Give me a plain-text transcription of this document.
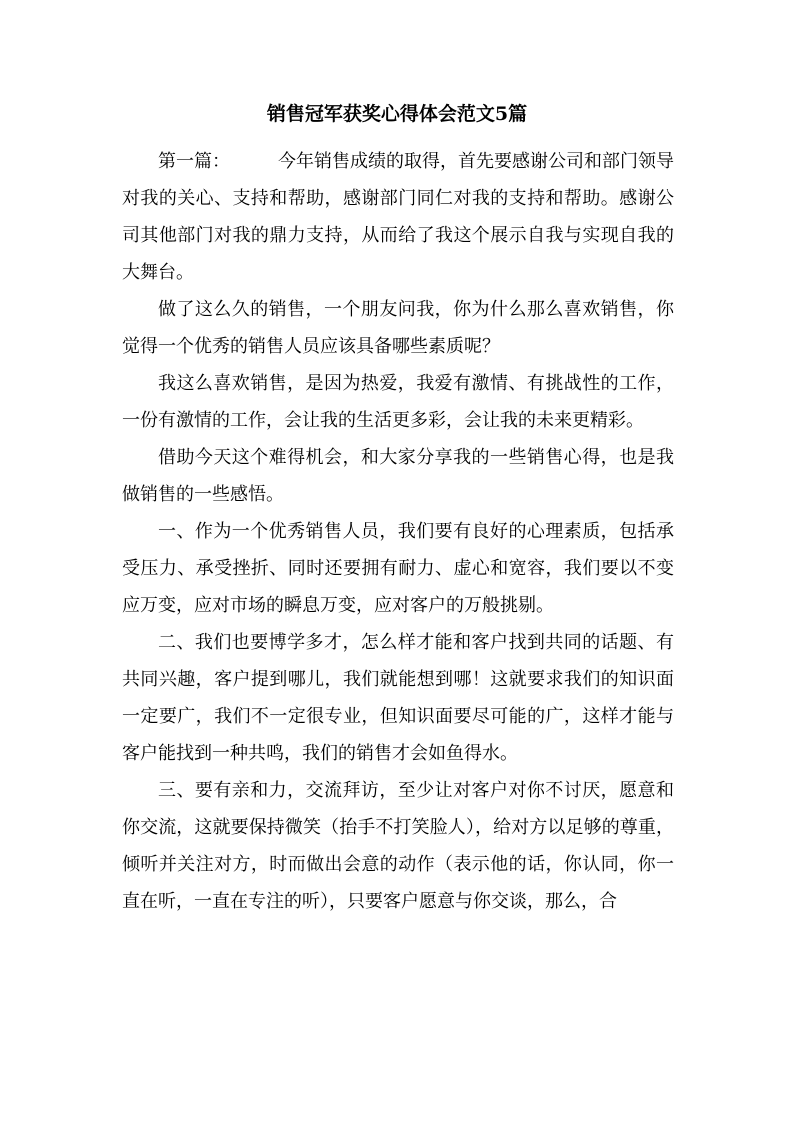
销售冠军获奖心得体会范文5篇

第一篇：	今年销售成绩的取得，首先要感谢公司和部门领导对我的关心、支持和帮助，感谢部门同仁对我的支持和帮助。感谢公司其他部门对我的鼎力支持，从而给了我这个展示自我与实现自我的大舞台。

做了这么久的销售，一个朋友问我，你为什么那么喜欢销售，你觉得一个优秀的销售人员应该具备哪些素质呢？

我这么喜欢销售，是因为热爱，我爱有激情、有挑战性的工作，一份有激情的工作，会让我的生活更多彩，会让我的未来更精彩。

借助今天这个难得机会，和大家分享我的一些销售心得，也是我做销售的一些感悟。

一、作为一个优秀销售人员，我们要有良好的心理素质，包括承受压力、承受挫折、同时还要拥有耐力、虚心和宽容，我们要以不变应万变，应对市场的瞬息万变，应对客户的万般挑剔。

二、我们也要博学多才，怎么样才能和客户找到共同的话题、有共同兴趣，客户提到哪儿，我们就能想到哪！这就要求我们的知识面一定要广，我们不一定很专业，但知识面要尽可能的广，这样才能与客户能找到一种共鸣，我们的销售才会如鱼得水。

三、要有亲和力，交流拜访，至少让对客户对你不讨厌，愿意和你交流，这就要保持微笑（抬手不打笑脸人），给对方以足够的尊重，倾听并关注对方，时而做出会意的动作（表示他的话，你认同，你一直在听，一直在专注的听），只要客户愿意与你交谈，那么，合
